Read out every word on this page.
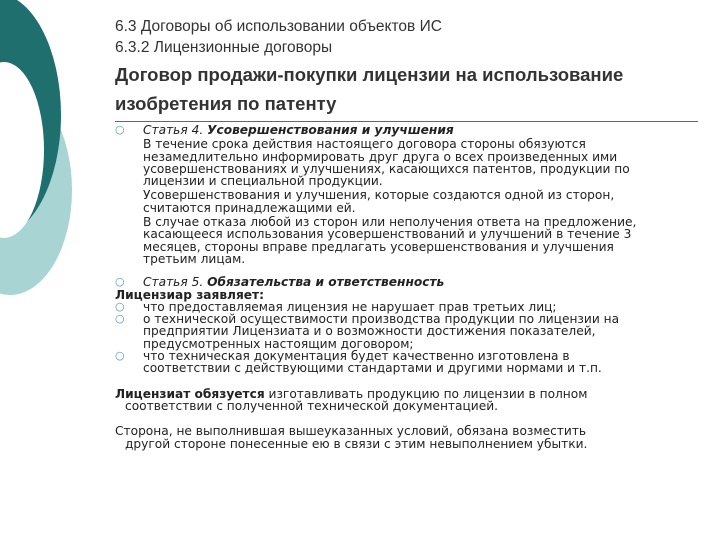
6.3 Договоры об использовании объектов ИС
6.3.2 Лицензионные договоры
Договор продажи-покупки лицензии на использование
изобретения по патенту
○	Статья 4. Усовершенствования и улучшения

В течение срока действия настоящего договора стороны обязуются
незамедлительно информировать друг друга о всех произведенных ими
усовершенствованиях и улучшениях, касающихся патентов, продукции по
лицензии и специальной продукции.

Усовершенствования и улучшения, которые создаются одной из сторон,
считаются принадлежащими ей.

В случае отказа любой из сторон или неполучения ответа на предложение,
касающееся использования усовершенствований и улучшений в течение 3
месяцев, стороны вправе предлагать усовершенствования и улучшения
третьим лицам.

○	Статья 5. Обязательства и ответственность

Лицензиар заявляет:

○	что предоставляемая лицензия не нарушает прав третьих лиц;

○	о технической осуществимости производства продукции по лицензии на
предприятии Лицензиата и о возможности достижения показателей,
предусмотренных настоящим договором;

○	что техническая документация будет качественно изготовлена в
соответствии с действующими стандартами и другими нормами и т.п.

Лицензиат обязуется изготавливать продукцию по лицензии в полном
соответствии с полученной технической документацией.

Сторона, не выполнившая вышеуказанных условий, обязана возместить
другой стороне понесенные ею в связи с этим невыполнением убытки.
